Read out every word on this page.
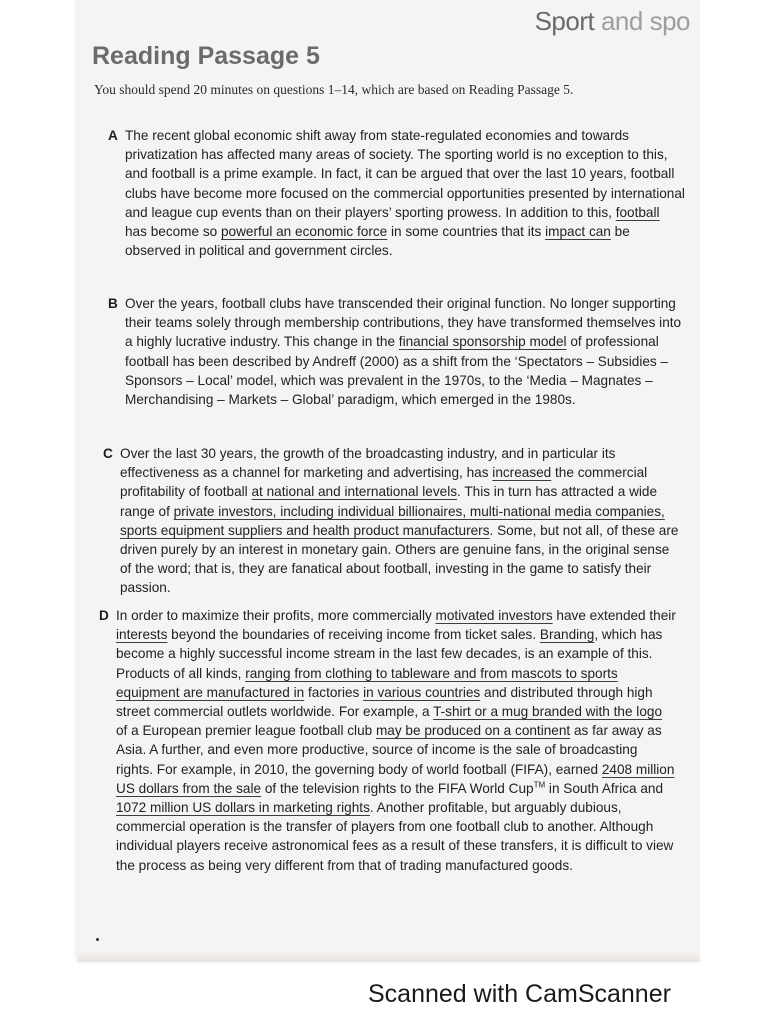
Sport and spo
Reading Passage 5

You should spend 20 minutes on questions 1–14, which are based on Reading Passage 5.

A The recent global economic shift away from state-regulated economies and towards privatization has affected many areas of society. The sporting world is no exception to this, and football is a prime example. In fact, it can be argued that over the last 10 years, football clubs have become more focused on the commercial opportunities presented by international and league cup events than on their players’ sporting prowess. In addition to this, football has become so powerful an economic force in some countries that its impact can be observed in political and government circles.

B Over the years, football clubs have transcended their original function. No longer supporting their teams solely through membership contributions, they have transformed themselves into a highly lucrative industry. This change in the financial sponsorship model of professional football has been described by Andreff (2000) as a shift from the ‘Spectators – Subsidies – Sponsors – Local’ model, which was prevalent in the 1970s, to the ‘Media – Magnates – Merchandising – Markets – Global’ paradigm, which emerged in the 1980s.

C Over the last 30 years, the growth of the broadcasting industry, and in particular its effectiveness as a channel for marketing and advertising, has increased the commercial profitability of football at national and international levels. This in turn has attracted a wide range of private investors, including individual billionaires, multi-national media companies, sports equipment suppliers and health product manufacturers. Some, but not all, of these are driven purely by an interest in monetary gain. Others are genuine fans, in the original sense of the word; that is, they are fanatical about football, investing in the game to satisfy their passion.

D In order to maximize their profits, more commercially motivated investors have extended their interests beyond the boundaries of receiving income from ticket sales. Branding, which has become a highly successful income stream in the last few decades, is an example of this. Products of all kinds, ranging from clothing to tableware and from mascots to sports equipment are manufactured in factories in various countries and distributed through high street commercial outlets worldwide. For example, a T-shirt or a mug branded with the logo of a European premier league football club may be produced on a continent as far away as Asia. A further, and even more productive, source of income is the sale of broadcasting rights. For example, in 2010, the governing body of world football (FIFA), earned 2408 million US dollars from the sale of the television rights to the FIFA World Cup™ in South Africa and 1072 million US dollars in marketing rights. Another profitable, but arguably dubious, commercial operation is the transfer of players from one football club to another. Although individual players receive astronomical fees as a result of these transfers, it is difficult to view the process as being very different from that of trading manufactured goods.

Scanned with CamScanner
